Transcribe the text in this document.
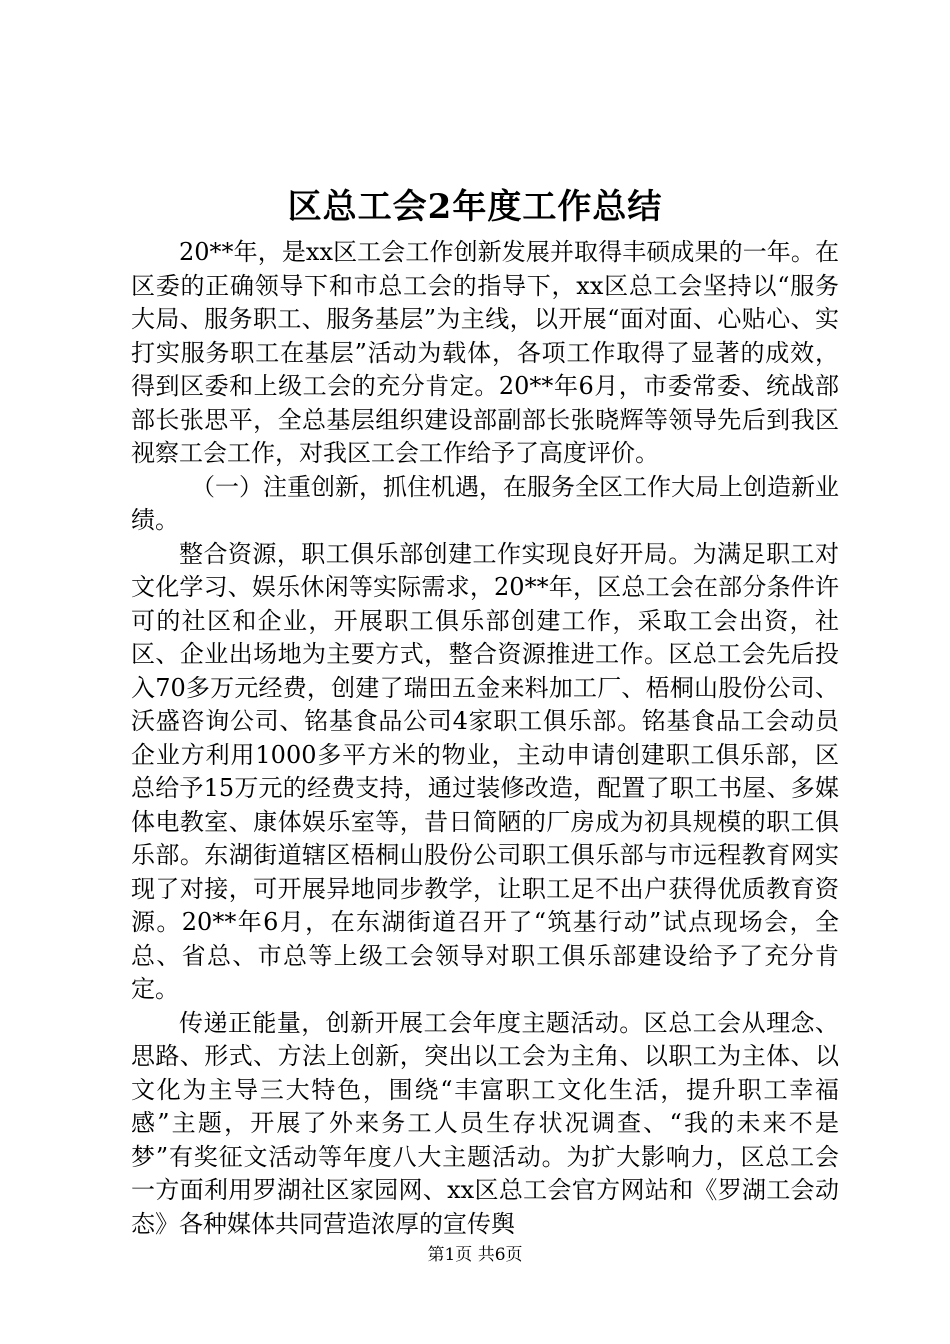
区总工会2年度工作总结

20**年，是xx区工会工作创新发展并取得丰硕成果的一年。在区委的正确领导下和市总工会的指导下，xx区总工会坚持以“服务大局、服务职工、服务基层”为主线，以开展“面对面、心贴心、实打实服务职工在基层”活动为载体，各项工作取得了显著的成效，得到区委和上级工会的充分肯定。20**年6月，市委常委、统战部部长张思平，全总基层组织建设部副部长张晓辉等领导先后到我区视察工会工作，对我区工会工作给予了高度评价。

（一）注重创新，抓住机遇，在服务全区工作大局上创造新业绩。

整合资源，职工俱乐部创建工作实现良好开局。为满足职工对文化学习、娱乐休闲等实际需求，20**年，区总工会在部分条件许可的社区和企业，开展职工俱乐部创建工作，采取工会出资，社区、企业出场地为主要方式，整合资源推进工作。区总工会先后投入70多万元经费，创建了瑞田五金来料加工厂、梧桐山股份公司、沃盛咨询公司、铭基食品公司4家职工俱乐部。铭基食品工会动员企业方利用1000多平方米的物业，主动申请创建职工俱乐部，区总给予15万元的经费支持，通过装修改造，配置了职工书屋、多媒体电教室、康体娱乐室等，昔日简陋的厂房成为初具规模的职工俱乐部。东湖街道辖区梧桐山股份公司职工俱乐部与市远程教育网实现了对接，可开展异地同步教学，让职工足不出户获得优质教育资源。20**年6月，在东湖街道召开了“筑基行动”试点现场会，全总、省总、市总等上级工会领导对职工俱乐部建设给予了充分肯定。

传递正能量，创新开展工会年度主题活动。区总工会从理念、思路、形式、方法上创新，突出以工会为主角、以职工为主体、以文化为主导三大特色，围绕“丰富职工文化生活，提升职工幸福感”主题，开展了外来务工人员生存状况调查、“我的未来不是梦”有奖征文活动等年度八大主题活动。为扩大影响力，区总工会一方面利用罗湖社区家园网、xx区总工会官方网站和《罗湖工会动态》各种媒体共同营造浓厚的宣传舆

第1页 共6页
